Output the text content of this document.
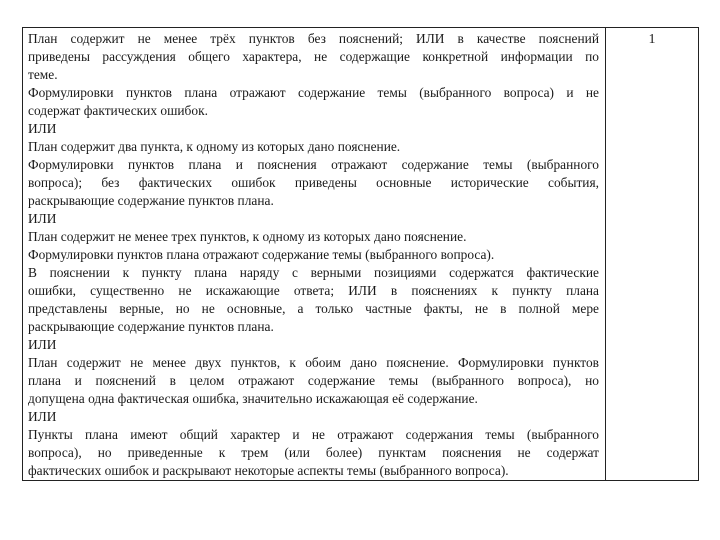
План содержит не менее трёх пунктов без пояснений; ИЛИ в качестве пояснений
приведены рассуждения общего характера, не содержащие конкретной информации по
теме.
Формулировки пунктов плана отражают содержание темы (выбранного вопроса) и не
содержат фактических ошибок.
ИЛИ
План содержит два пункта, к одному из которых дано пояснение.
Формулировки пунктов плана и пояснения отражают содержание темы (выбранного
вопроса); без фактических ошибок приведены основные исторические события,
раскрывающие содержание пунктов плана.
ИЛИ
План содержит не менее трех пунктов, к одному из которых дано пояснение.
Формулировки пунктов плана отражают содержание темы (выбранного вопроса).
В пояснении к пункту плана наряду с верными позициями содержатся фактические
ошибки, существенно не искажающие ответа; ИЛИ в пояснениях к пункту плана
представлены верные, но не основные, а только частные факты, не в полной мере
раскрывающие содержание пунктов плана.
ИЛИ
План содержит не менее двух пунктов, к обоим дано пояснение. Формулировки пунктов
плана и пояснений в целом отражают содержание темы (выбранного вопроса), но
допущена одна фактическая ошибка, значительно искажающая её содержание.
ИЛИ
Пункты плана имеют общий характер и не отражают содержания темы (выбранного
вопроса), но приведенные к трем (или более) пунктам пояснения не содержат
фактических ошибок и раскрывают некоторые аспекты темы (выбранного вопроса).
	1
